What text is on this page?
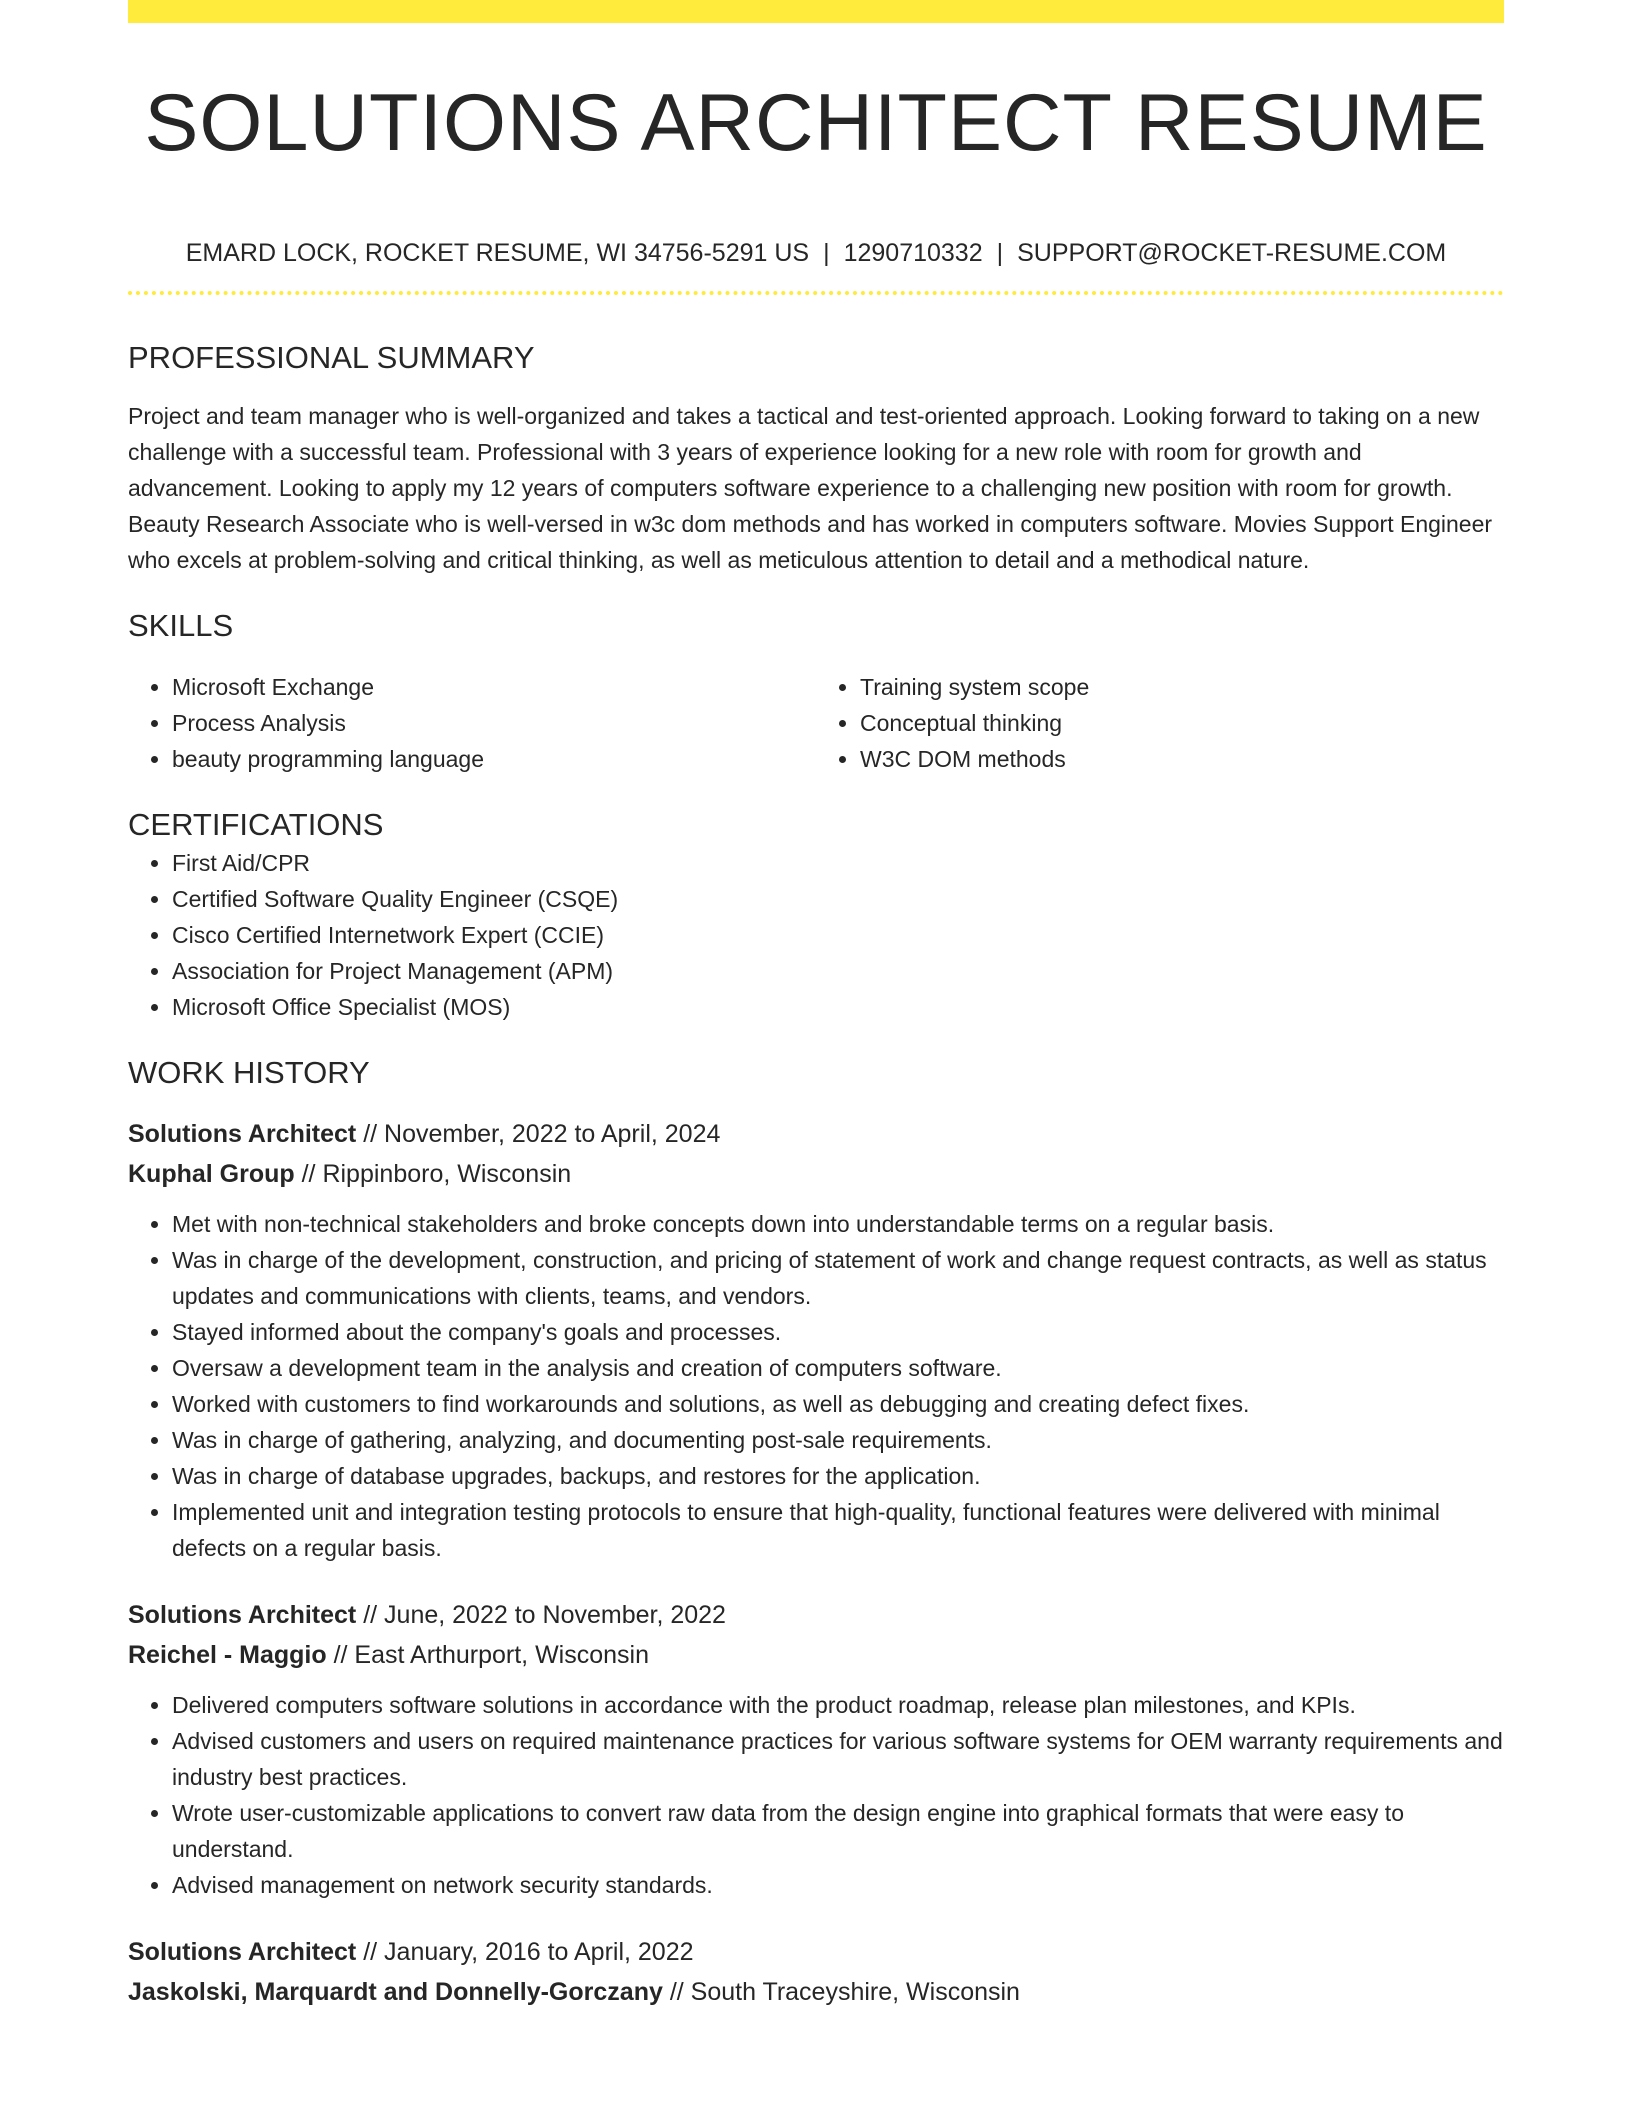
SOLUTIONS ARCHITECT RESUME
EMARD LOCK, ROCKET RESUME, WI 34756-5291 US | 1290710332 | SUPPORT@ROCKET-RESUME.COM
PROFESSIONAL SUMMARY
Project and team manager who is well-organized and takes a tactical and test-oriented approach. Looking forward to taking on a new challenge with a successful team. Professional with 3 years of experience looking for a new role with room for growth and advancement. Looking to apply my 12 years of computers software experience to a challenging new position with room for growth. Beauty Research Associate who is well-versed in w3c dom methods and has worked in computers software. Movies Support Engineer who excels at problem-solving and critical thinking, as well as meticulous attention to detail and a methodical nature.
SKILLS
• Microsoft Exchange
• Process Analysis
• beauty programming language
• Training system scope
• Conceptual thinking
• W3C DOM methods
CERTIFICATIONS
• First Aid/CPR
• Certified Software Quality Engineer (CSQE)
• Cisco Certified Internetwork Expert (CCIE)
• Association for Project Management (APM)
• Microsoft Office Specialist (MOS)
WORK HISTORY
Solutions Architect // November, 2022 to April, 2024
Kuphal Group // Rippinboro, Wisconsin
• Met with non-technical stakeholders and broke concepts down into understandable terms on a regular basis.
• Was in charge of the development, construction, and pricing of statement of work and change request contracts, as well as status updates and communications with clients, teams, and vendors.
• Stayed informed about the company's goals and processes.
• Oversaw a development team in the analysis and creation of computers software.
• Worked with customers to find workarounds and solutions, as well as debugging and creating defect fixes.
• Was in charge of gathering, analyzing, and documenting post-sale requirements.
• Was in charge of database upgrades, backups, and restores for the application.
• Implemented unit and integration testing protocols to ensure that high-quality, functional features were delivered with minimal defects on a regular basis.
Solutions Architect // June, 2022 to November, 2022
Reichel - Maggio // East Arthurport, Wisconsin
• Delivered computers software solutions in accordance with the product roadmap, release plan milestones, and KPIs.
• Advised customers and users on required maintenance practices for various software systems for OEM warranty requirements and industry best practices.
• Wrote user-customizable applications to convert raw data from the design engine into graphical formats that were easy to understand.
• Advised management on network security standards.
Solutions Architect // January, 2016 to April, 2022
Jaskolski, Marquardt and Donnelly-Gorczany // South Traceyshire, Wisconsin
